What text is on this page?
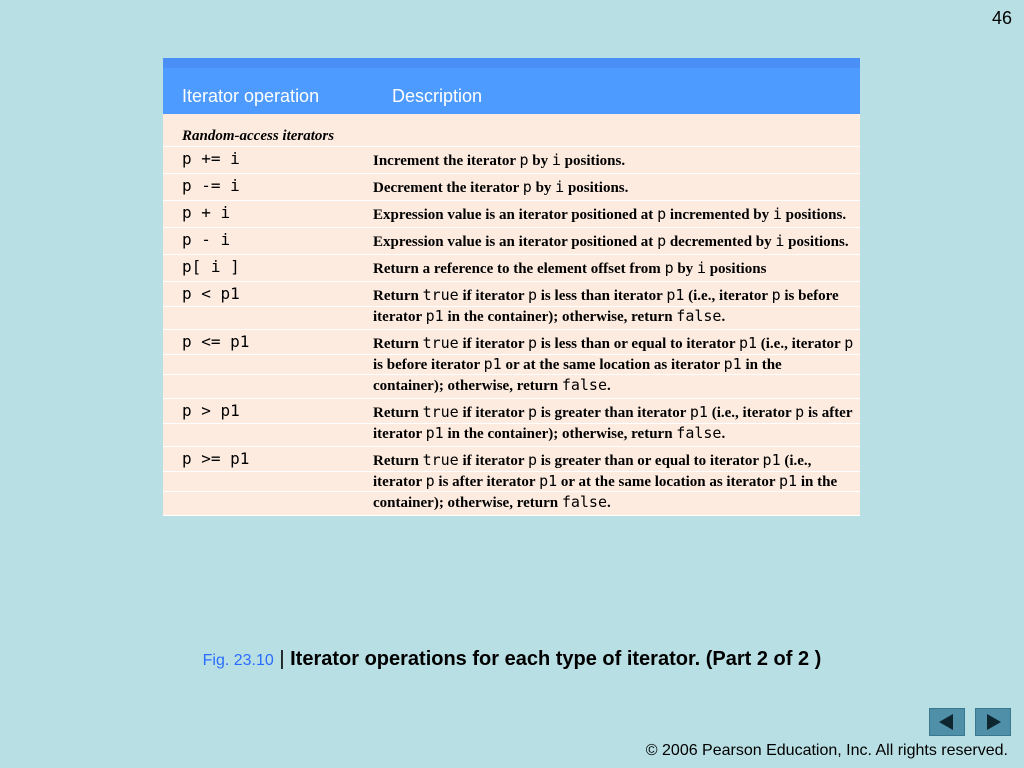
46
Iterator operation	Description
Random-access iterators
p += i	Increment the iterator p by i positions.
p -= i	Decrement the iterator p by i positions.
p + i	Expression value is an iterator positioned at p incremented by i positions.
p - i	Expression value is an iterator positioned at p decremented by i positions.
p[ i ]	Return a reference to the element offset from p by i positions
p < p1	Return true if iterator p is less than iterator p1 (i.e., iterator p is before iterator p1 in the container); otherwise, return false.
p <= p1	Return true if iterator p is less than or equal to iterator p1 (i.e., iterator p is before iterator p1 or at the same location as iterator p1 in the container); otherwise, return false.
p > p1	Return true if iterator p is greater than iterator p1 (i.e., iterator p is after iterator p1 in the container); otherwise, return false.
p >= p1	Return true if iterator p is greater than or equal to iterator p1 (i.e., iterator p is after iterator p1 or at the same location as iterator p1 in the container); otherwise, return false.
Fig. 23.10 | Iterator operations for each type of iterator. (Part 2 of 2 )
© 2006 Pearson Education, Inc. All rights reserved.
